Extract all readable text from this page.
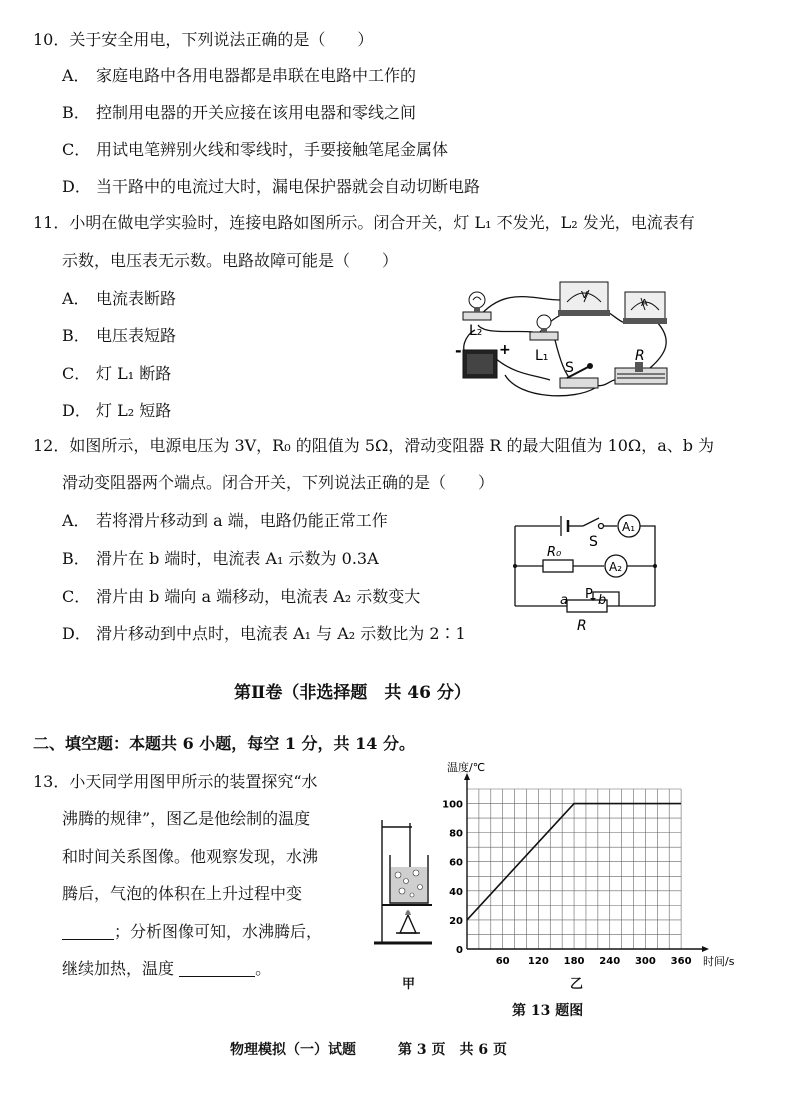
10．关于安全用电，下列说法正确的是（　　）
A． 家庭电路中各用电器都是串联在电路中工作的
B． 控制用电器的开关应接在该用电器和零线之间
C． 用试电笔辨别火线和零线时，手要接触笔尾金属体
D． 当干路中的电流过大时，漏电保护器就会自动切断电路
11．小明在做电学实验时，连接电路如图所示。闭合开关，灯 L₁ 不发光，L₂ 发光，电流表有
示数，电压表无示数。电路故障可能是（　　）
A． 电流表断路
B． 电压表短路
C． 灯 L₁ 断路
D． 灯 L₂ 短路
L₂
V
A
L₁
-	+
S
R
12．如图所示，电源电压为 3V，R₀ 的阻值为 5Ω，滑动变阻器 R 的最大阻值为 10Ω，a、b 为
滑动变阻器两个端点。闭合开关，下列说法正确的是（　　）
A． 若将滑片移动到 a 端，电路仍能正常工作
B． 滑片在 b 端时，电流表 A₁ 示数为 0.3A
C． 滑片由 b 端向 a 端移动，电流表 A₂ 示数变大
D． 滑片移动到中点时，电流表 A₁ 与 A₂ 示数比为 2∶1
S
A₁
A₂
R₀
P
a b
R
第Ⅱ卷（非选择题　共 46 分）
二、填空题：本题共 6 小题，每空 1 分，共 14 分。
13．小天同学用图甲所示的装置探究“水
沸腾的规律”，图乙是他绘制的温度
和时间关系图像。他观察发现，水沸
腾后，气泡的体积在上升过程中变
；分析图像可知，水沸腾后，
继续加热，温度	。
甲
60 120 180 240 300 360
20
40
60
80
100
0
温度/℃
时间/s
乙
第 13 题图
物理模拟（一）试题	第 3 页　共 6 页
